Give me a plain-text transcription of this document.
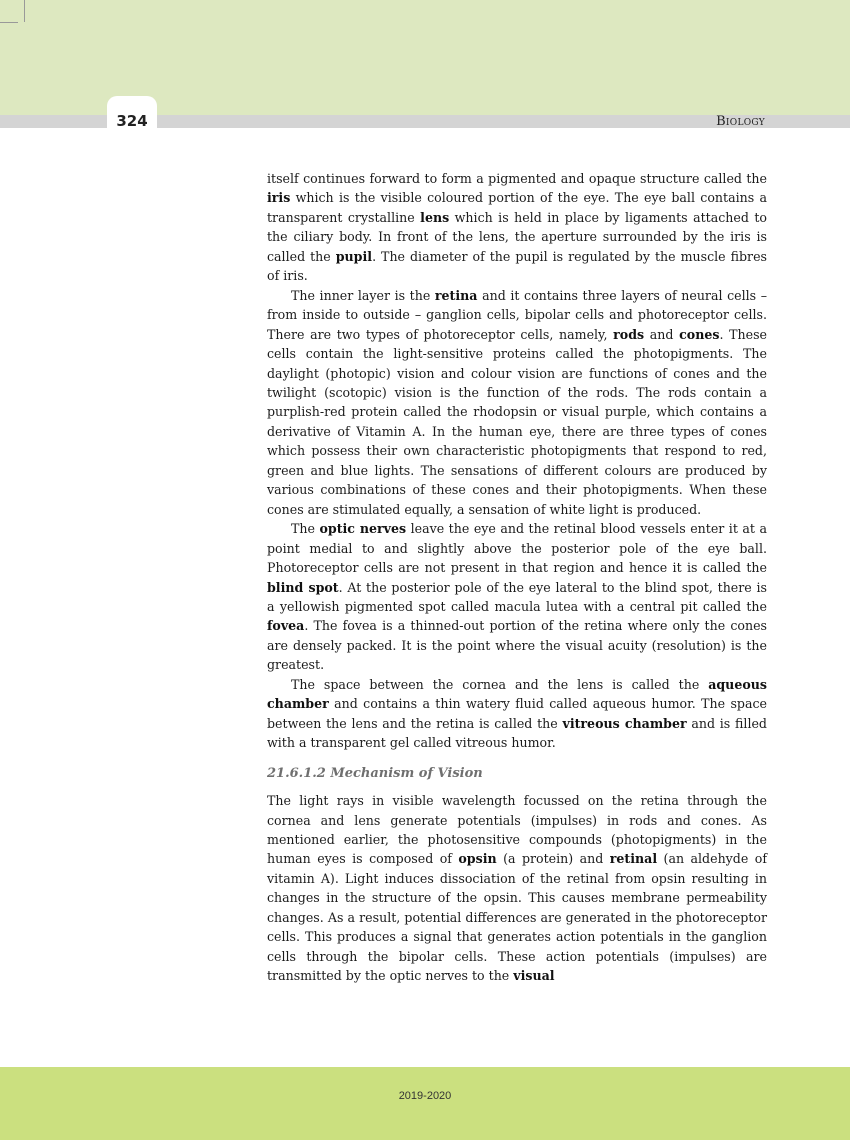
324	Biology

itself continues forward to form a pigmented and opaque structure called the iris which is the visible coloured portion of the eye. The eye ball contains a transparent crystalline lens which is held in place by ligaments attached to the ciliary body. In front of the lens, the aperture surrounded by the iris is called the pupil. The diameter of the pupil is regulated by the muscle fibres of iris.

The inner layer is the retina and it contains three layers of neural cells – from inside to outside – ganglion cells, bipolar cells and photoreceptor cells. There are two types of photoreceptor cells, namely, rods and cones. These cells contain the light-sensitive proteins called the photopigments. The daylight (photopic) vision and colour vision are functions of cones and the twilight (scotopic) vision is the function of the rods. The rods contain a purplish-red protein called the rhodopsin or visual purple, which contains a derivative of Vitamin A. In the human eye, there are three types of cones which possess their own characteristic photopigments that respond to red, green and blue lights. The sensations of different colours are produced by various combinations of these cones and their photopigments. When these cones are stimulated equally, a sensation of white light is produced.

The optic nerves leave the eye and the retinal blood vessels enter it at a point medial to and slightly above the posterior pole of the eye ball. Photoreceptor cells are not present in that region and hence it is called the blind spot. At the posterior pole of the eye lateral to the blind spot, there is a yellowish pigmented spot called macula lutea with a central pit called the fovea. The fovea is a thinned-out portion of the retina where only the cones are densely packed. It is the point where the visual acuity (resolution) is the greatest.

The space between the cornea and the lens is called the aqueous chamber and contains a thin watery fluid called aqueous humor. The space between the lens and the retina is called the vitreous chamber and is filled with a transparent gel called vitreous humor.

21.6.1.2 Mechanism of Vision

The light rays in visible wavelength focussed on the retina through the cornea and lens generate potentials (impulses) in rods and cones. As mentioned earlier, the photosensitive compounds (photopigments) in the human eyes is composed of opsin (a protein) and retinal (an aldehyde of vitamin A). Light induces dissociation of the retinal from opsin resulting in changes in the structure of the opsin. This causes membrane permeability changes. As a result, potential differences are generated in the photoreceptor cells. This produces a signal that generates action potentials in the ganglion cells through the bipolar cells. These action potentials (impulses) are transmitted by the optic nerves to the visual

2019-2020
